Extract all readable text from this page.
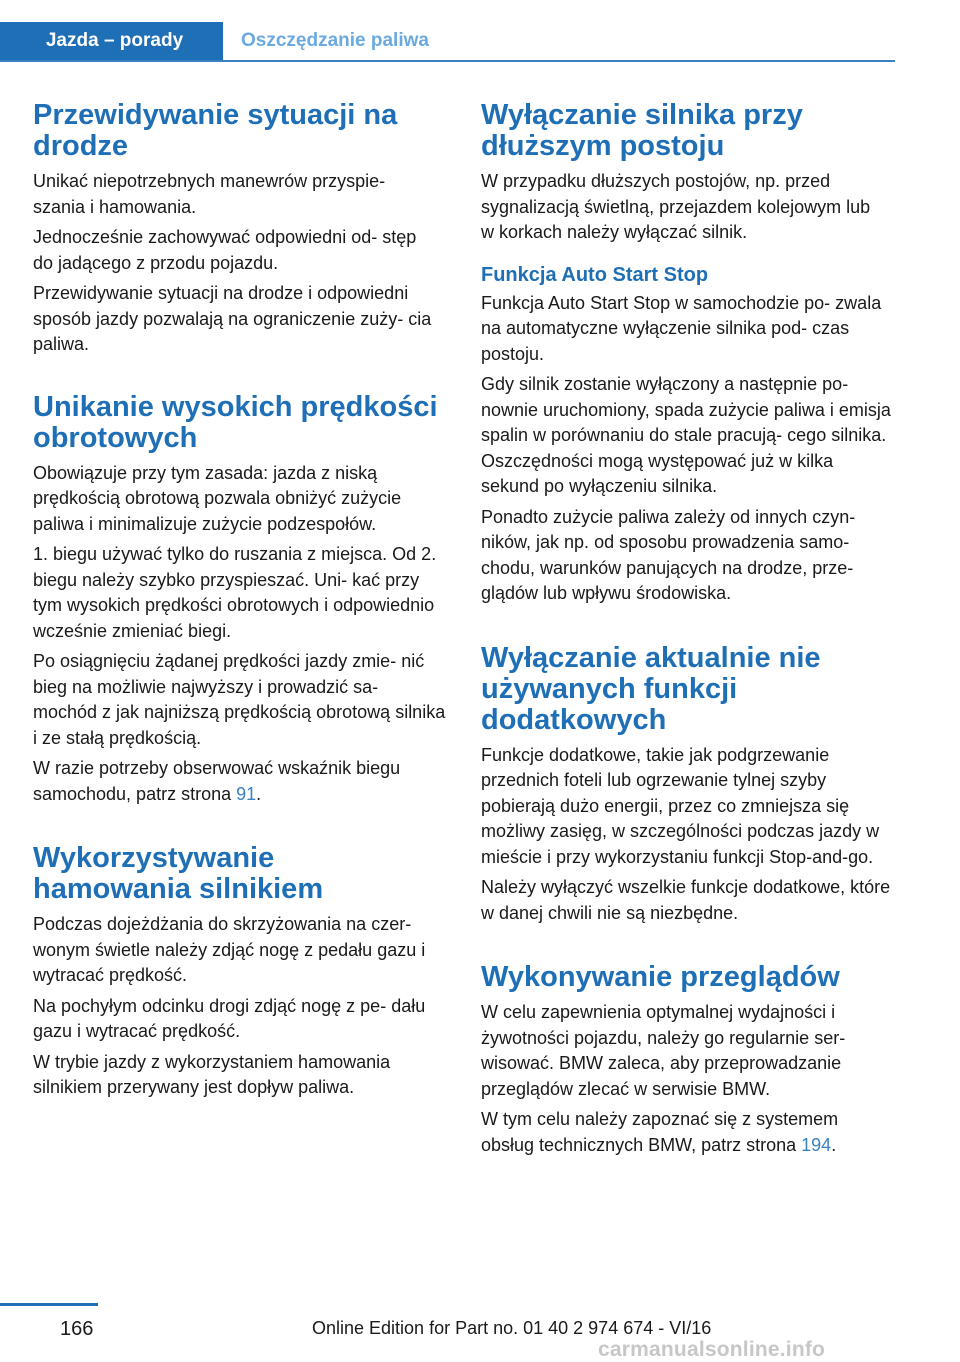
Jazda – porady	Oszczędzanie paliwa
Przewidywanie sytuacji na drodze

Unikać niepotrzebnych manewrów przyspie‐ szania i hamowania.

Jednocześnie zachowywać odpowiedni od‐ stęp do jadącego z przodu pojazdu.

Przewidywanie sytuacji na drodze i odpowiedni sposób jazdy pozwalają na ograniczenie zuży‐ cia paliwa.

Unikanie wysokich prędkości obrotowych

Obowiązuje przy tym zasada: jazda z niską prędkością obrotową pozwala obniżyć zużycie paliwa i minimalizuje zużycie podzespołów.

1. biegu używać tylko do ruszania z miejsca. Od 2. biegu należy szybko przyspieszać. Uni‐ kać przy tym wysokich prędkości obrotowych i odpowiednio wcześnie zmieniać biegi.

Po osiągnięciu żądanej prędkości jazdy zmie‐ nić bieg na możliwie najwyższy i prowadzić sa‐ mochód z jak najniższą prędkością obrotową silnika i ze stałą prędkością.

W razie potrzeby obserwować wskaźnik biegu samochodu, patrz strona 91.

Wykorzystywanie hamowania silnikiem

Podczas dojeżdżania do skrzyżowania na czer‐ wonym świetle należy zdjąć nogę z pedału gazu i wytracać prędkość.

Na pochyłym odcinku drogi zdjąć nogę z pe‐ dału gazu i wytracać prędkość.

W trybie jazdy z wykorzystaniem hamowania silnikiem przerywany jest dopływ paliwa.

Wyłączanie silnika przy dłuższym postoju

W przypadku dłuższych postojów, np. przed sygnalizacją świetlną, przejazdem kolejowym lub w korkach należy wyłączać silnik.

Funkcja Auto Start Stop

Funkcja Auto Start Stop w samochodzie po‐ zwala na automatyczne wyłączenie silnika pod‐ czas postoju.

Gdy silnik zostanie wyłączony a następnie po‐ nownie uruchomiony, spada zużycie paliwa i emisja spalin w porównaniu do stale pracują‐ cego silnika. Oszczędności mogą występować już w kilka sekund po wyłączeniu silnika.

Ponadto zużycie paliwa zależy od innych czyn‐ ników, jak np. od sposobu prowadzenia samo‐ chodu, warunków panujących na drodze, prze‐ glądów lub wpływu środowiska.

Wyłączanie aktualnie nie używanych funkcji dodatkowych

Funkcje dodatkowe, takie jak podgrzewanie przednich foteli lub ogrzewanie tylnej szyby pobierają dużo energii, przez co zmniejsza się możliwy zasięg, w szczególności podczas jazdy w mieście i przy wykorzystaniu funkcji Stop-and-go.

Należy wyłączyć wszelkie funkcje dodatkowe, które w danej chwili nie są niezbędne.

Wykonywanie przeglądów

W celu zapewnienia optymalnej wydajności i żywotności pojazdu, należy go regularnie ser‐ wisować. BMW zaleca, aby przeprowadzanie przeglądów zlecać w serwisie BMW.

W tym celu należy zapoznać się z systemem obsług technicznych BMW, patrz strona 194.

166	Online Edition for Part no. 01 40 2 974 674 - VI/16
carmanualsonline.info
